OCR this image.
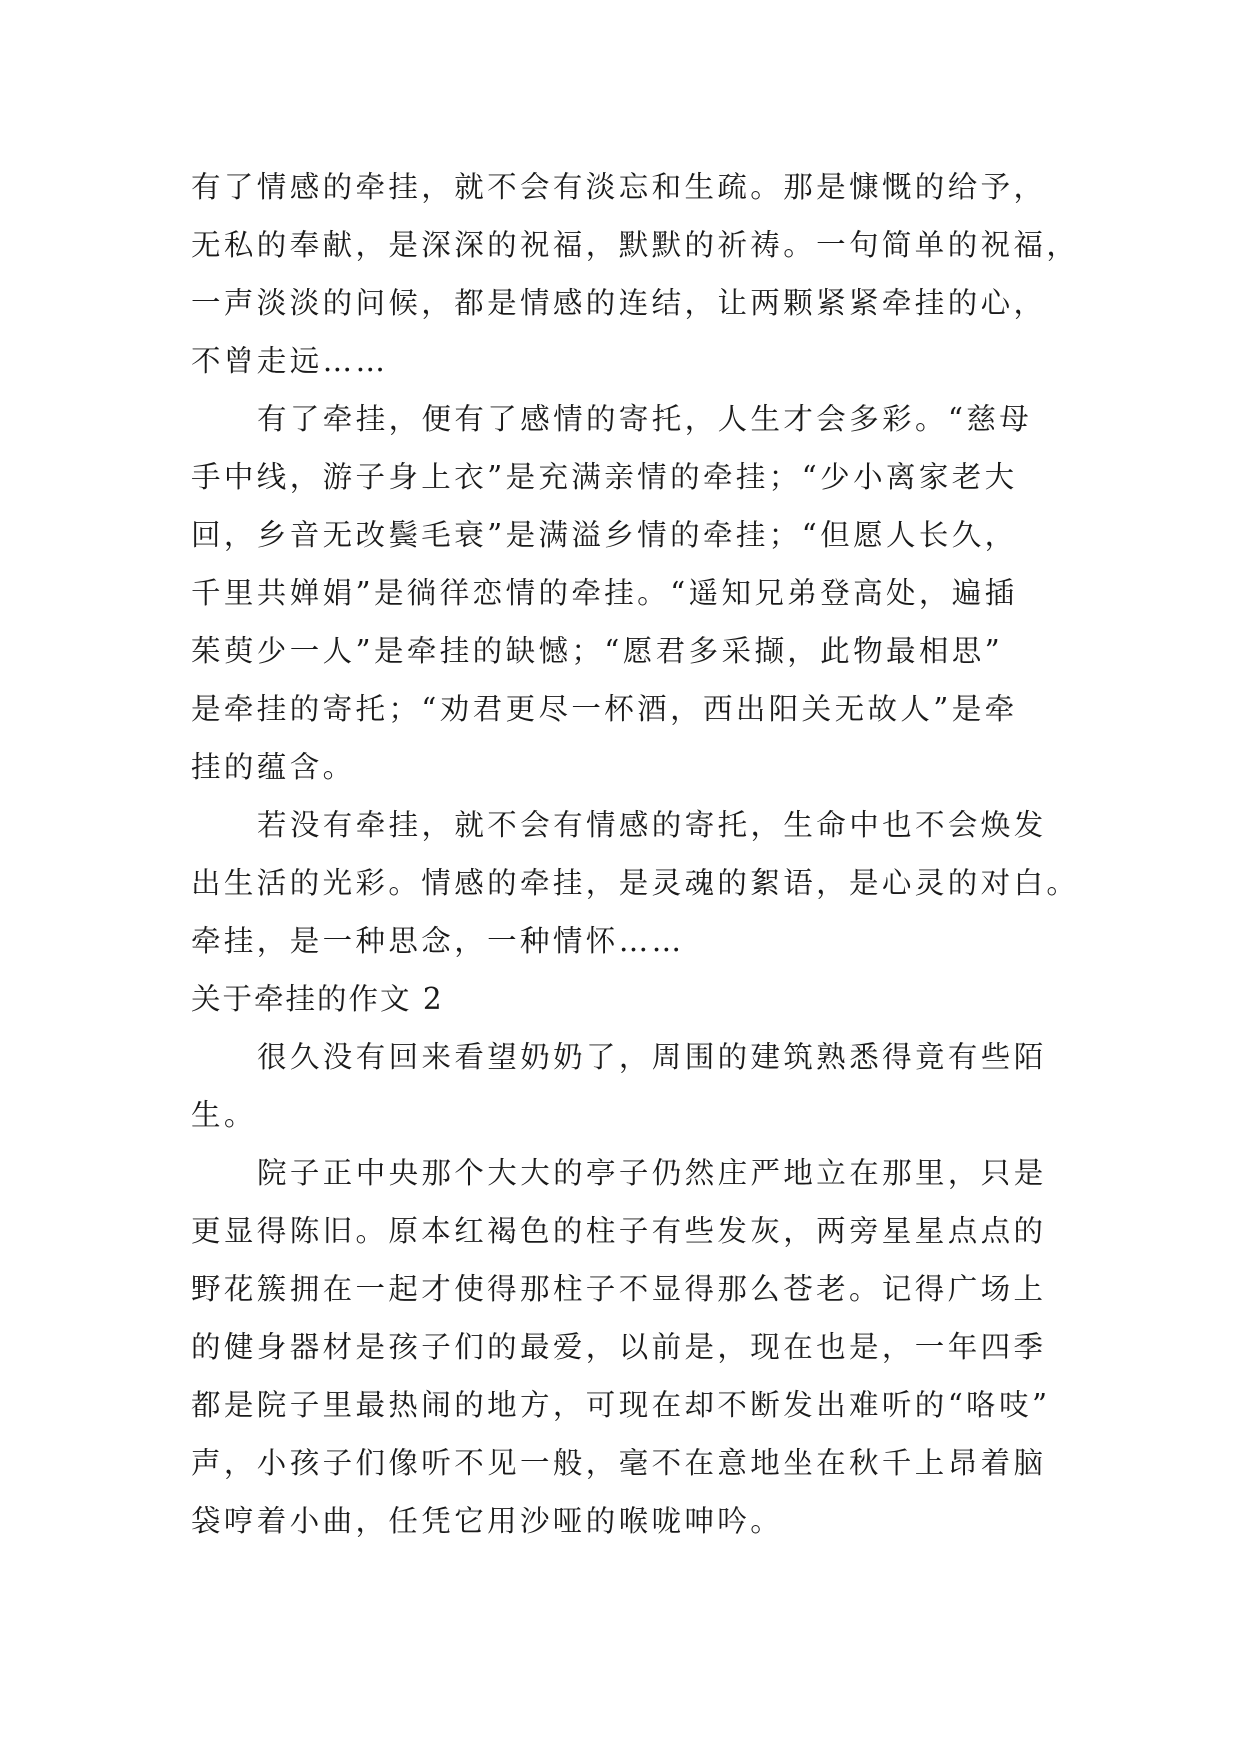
有了情感的牵挂，就不会有淡忘和生疏。那是慷慨的给予，
无私的奉献，是深深的祝福，默默的祈祷。一句简单的祝福，
一声淡淡的问候，都是情感的连结，让两颗紧紧牵挂的心，
不曾走远……
有了牵挂，便有了感情的寄托，人生才会多彩。“慈母
手中线，游子身上衣”是充满亲情的牵挂；“少小离家老大
回，乡音无改鬓毛衰”是满溢乡情的牵挂；“但愿人长久，
千里共婵娟”是徜徉恋情的牵挂。“遥知兄弟登高处，遍插
茱萸少一人”是牵挂的缺憾；“愿君多采撷，此物最相思”
是牵挂的寄托；“劝君更尽一杯酒，西出阳关无故人”是牵
挂的蕴含。
若没有牵挂，就不会有情感的寄托，生命中也不会焕发
出生活的光彩。情感的牵挂，是灵魂的絮语，是心灵的对白。
牵挂，是一种思念，一种情怀……
关于牵挂的作文 2
很久没有回来看望奶奶了，周围的建筑熟悉得竟有些陌
生。
院子正中央那个大大的亭子仍然庄严地立在那里，只是
更显得陈旧。原本红褐色的柱子有些发灰，两旁星星点点的
野花簇拥在一起才使得那柱子不显得那么苍老。记得广场上
的健身器材是孩子们的最爱，以前是，现在也是，一年四季
都是院子里最热闹的地方，可现在却不断发出难听的“咯吱”
声，小孩子们像听不见一般，毫不在意地坐在秋千上昂着脑
袋哼着小曲，任凭它用沙哑的喉咙呻吟。
